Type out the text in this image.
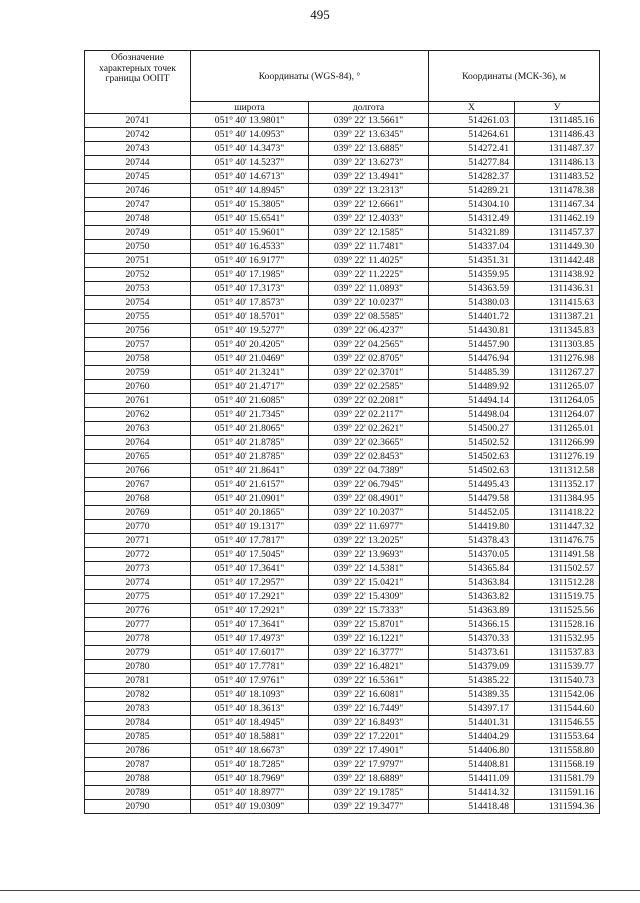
495
Обозначение характерных точек границы ООПТ	Координаты (WGS-84), °		Координаты (МСК-36), м	
	широта	долгота	X	У
20741	051° 40' 13.9801"	039° 22' 13.5661"	514261.03	1311485.16
20742	051° 40' 14.0953"	039° 22' 13.6345"	514264.61	1311486.43
20743	051° 40' 14.3473"	039° 22' 13.6885"	514272.41	1311487.37
20744	051° 40' 14.5237"	039° 22' 13.6273"	514277.84	1311486.13
20745	051° 40' 14.6713"	039° 22' 13.4941"	514282.37	1311483.52
20746	051° 40' 14.8945"	039° 22' 13.2313"	514289.21	1311478.38
20747	051° 40' 15.3805"	039° 22' 12.6661"	514304.10	1311467.34
20748	051° 40' 15.6541"	039° 22' 12.4033"	514312.49	1311462.19
20749	051° 40' 15.9601"	039° 22' 12.1585"	514321.89	1311457.37
20750	051° 40' 16.4533"	039° 22' 11.7481"	514337.04	1311449.30
20751	051° 40' 16.9177"	039° 22' 11.4025"	514351.31	1311442.48
20752	051° 40' 17.1985"	039° 22' 11.2225"	514359.95	1311438.92
20753	051° 40' 17.3173"	039° 22' 11.0893"	514363.59	1311436.31
20754	051° 40' 17.8573"	039° 22' 10.0237"	514380.03	1311415.63
20755	051° 40' 18.5701"	039° 22' 08.5585"	514401.72	1311387.21
20756	051° 40' 19.5277"	039° 22' 06.4237"	514430.81	1311345.83
20757	051° 40' 20.4205"	039° 22' 04.2565"	514457.90	1311303.85
20758	051° 40' 21.0469"	039° 22' 02.8705"	514476.94	1311276.98
20759	051° 40' 21.3241"	039° 22' 02.3701"	514485.39	1311267.27
20760	051° 40' 21.4717"	039° 22' 02.2585"	514489.92	1311265.07
20761	051° 40' 21.6085"	039° 22' 02.2081"	514494.14	1311264.05
20762	051° 40' 21.7345"	039° 22' 02.2117"	514498.04	1311264.07
20763	051° 40' 21.8065"	039° 22' 02.2621"	514500.27	1311265.01
20764	051° 40' 21.8785"	039° 22' 02.3665"	514502.52	1311266.99
20765	051° 40' 21.8785"	039° 22' 02.8453"	514502.63	1311276.19
20766	051° 40' 21.8641"	039° 22' 04.7389"	514502.63	1311312.58
20767	051° 40' 21.6157"	039° 22' 06.7945"	514495.43	1311352.17
20768	051° 40' 21.0901"	039° 22' 08.4901"	514479.58	1311384.95
20769	051° 40' 20.1865"	039° 22' 10.2037"	514452.05	1311418.22
20770	051° 40' 19.1317"	039° 22' 11.6977"	514419.80	1311447.32
20771	051° 40' 17.7817"	039° 22' 13.2025"	514378.43	1311476.75
20772	051° 40' 17.5045"	039° 22' 13.9693"	514370.05	1311491.58
20773	051° 40' 17.3641"	039° 22' 14.5381"	514365.84	1311502.57
20774	051° 40' 17.2957"	039° 22' 15.0421"	514363.84	1311512.28
20775	051° 40' 17.2921"	039° 22' 15.4309"	514363.82	1311519.75
20776	051° 40' 17.2921"	039° 22' 15.7333"	514363.89	1311525.56
20777	051° 40' 17.3641"	039° 22' 15.8701"	514366.15	1311528.16
20778	051° 40' 17.4973"	039° 22' 16.1221"	514370.33	1311532.95
20779	051° 40' 17.6017"	039° 22' 16.3777"	514373.61	1311537.83
20780	051° 40' 17.7781"	039° 22' 16.4821"	514379.09	1311539.77
20781	051° 40' 17.9761"	039° 22' 16.5361"	514385.22	1311540.73
20782	051° 40' 18.1093"	039° 22' 16.6081"	514389.35	1311542.06
20783	051° 40' 18.3613"	039° 22' 16.7449"	514397.17	1311544.60
20784	051° 40' 18.4945"	039° 22' 16.8493"	514401.31	1311546.55
20785	051° 40' 18.5881"	039° 22' 17.2201"	514404.29	1311553.64
20786	051° 40' 18.6673"	039° 22' 17.4901"	514406.80	1311558.80
20787	051° 40' 18.7285"	039° 22' 17.9797"	514408.81	1311568.19
20788	051° 40' 18.7969"	039° 22' 18.6889"	514411.09	1311581.79
20789	051° 40' 18.8977"	039° 22' 19.1785"	514414.32	1311591.16
20790	051° 40' 19.0309"	039° 22' 19.3477"	514418.48	1311594.36
